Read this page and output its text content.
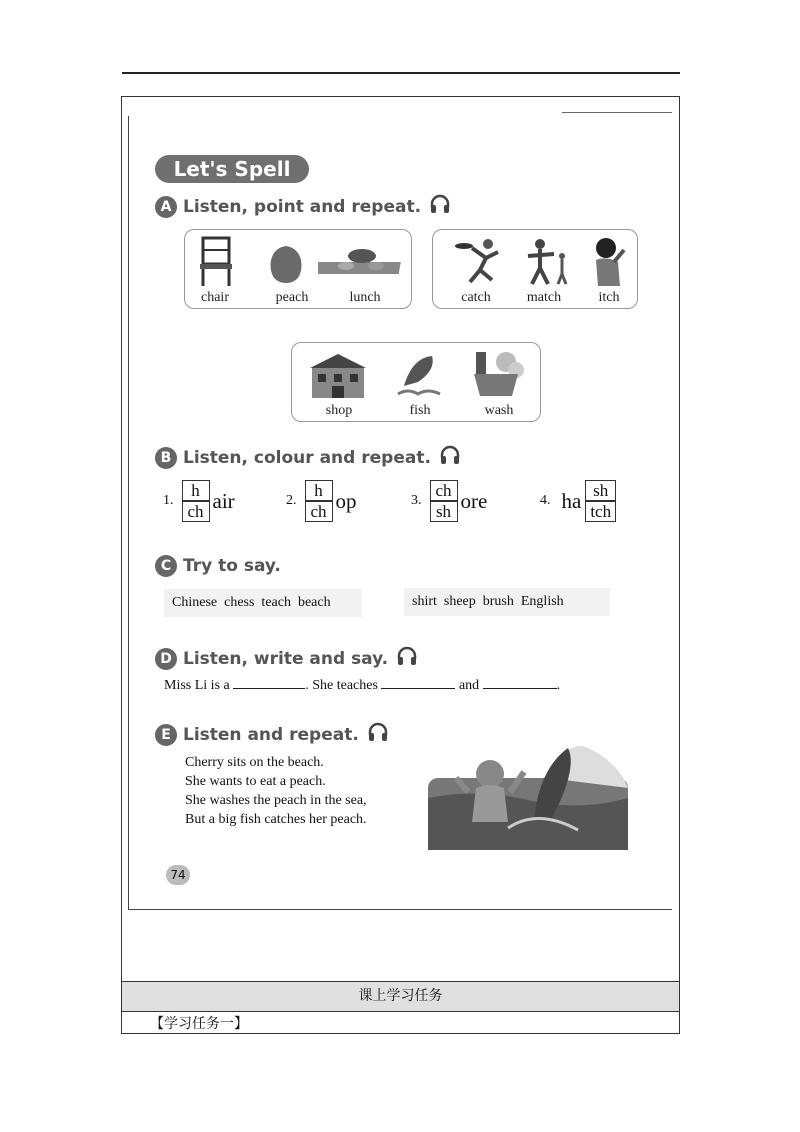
Let's Spell
A Listen, point and repeat.
chair	peach	lunch	catch	match	itch
shop	fish	wash
B Listen, colour and repeat.
1.
h
ch air	2.
h
ch op	3.
ch
sh ore	4. ha sh
tch
C Try to say.
Chinese  chess  teach  beach	shirt  sheep  brush  English
D Listen, write and say.
Miss Li is a	. She teaches	and	.
E Listen and repeat.
Cherry sits on the beach.
She wants to eat a peach.
She washes the peach in the sea,
But a big fish catches her peach.
74
课上学习任务
【学习任务一】
